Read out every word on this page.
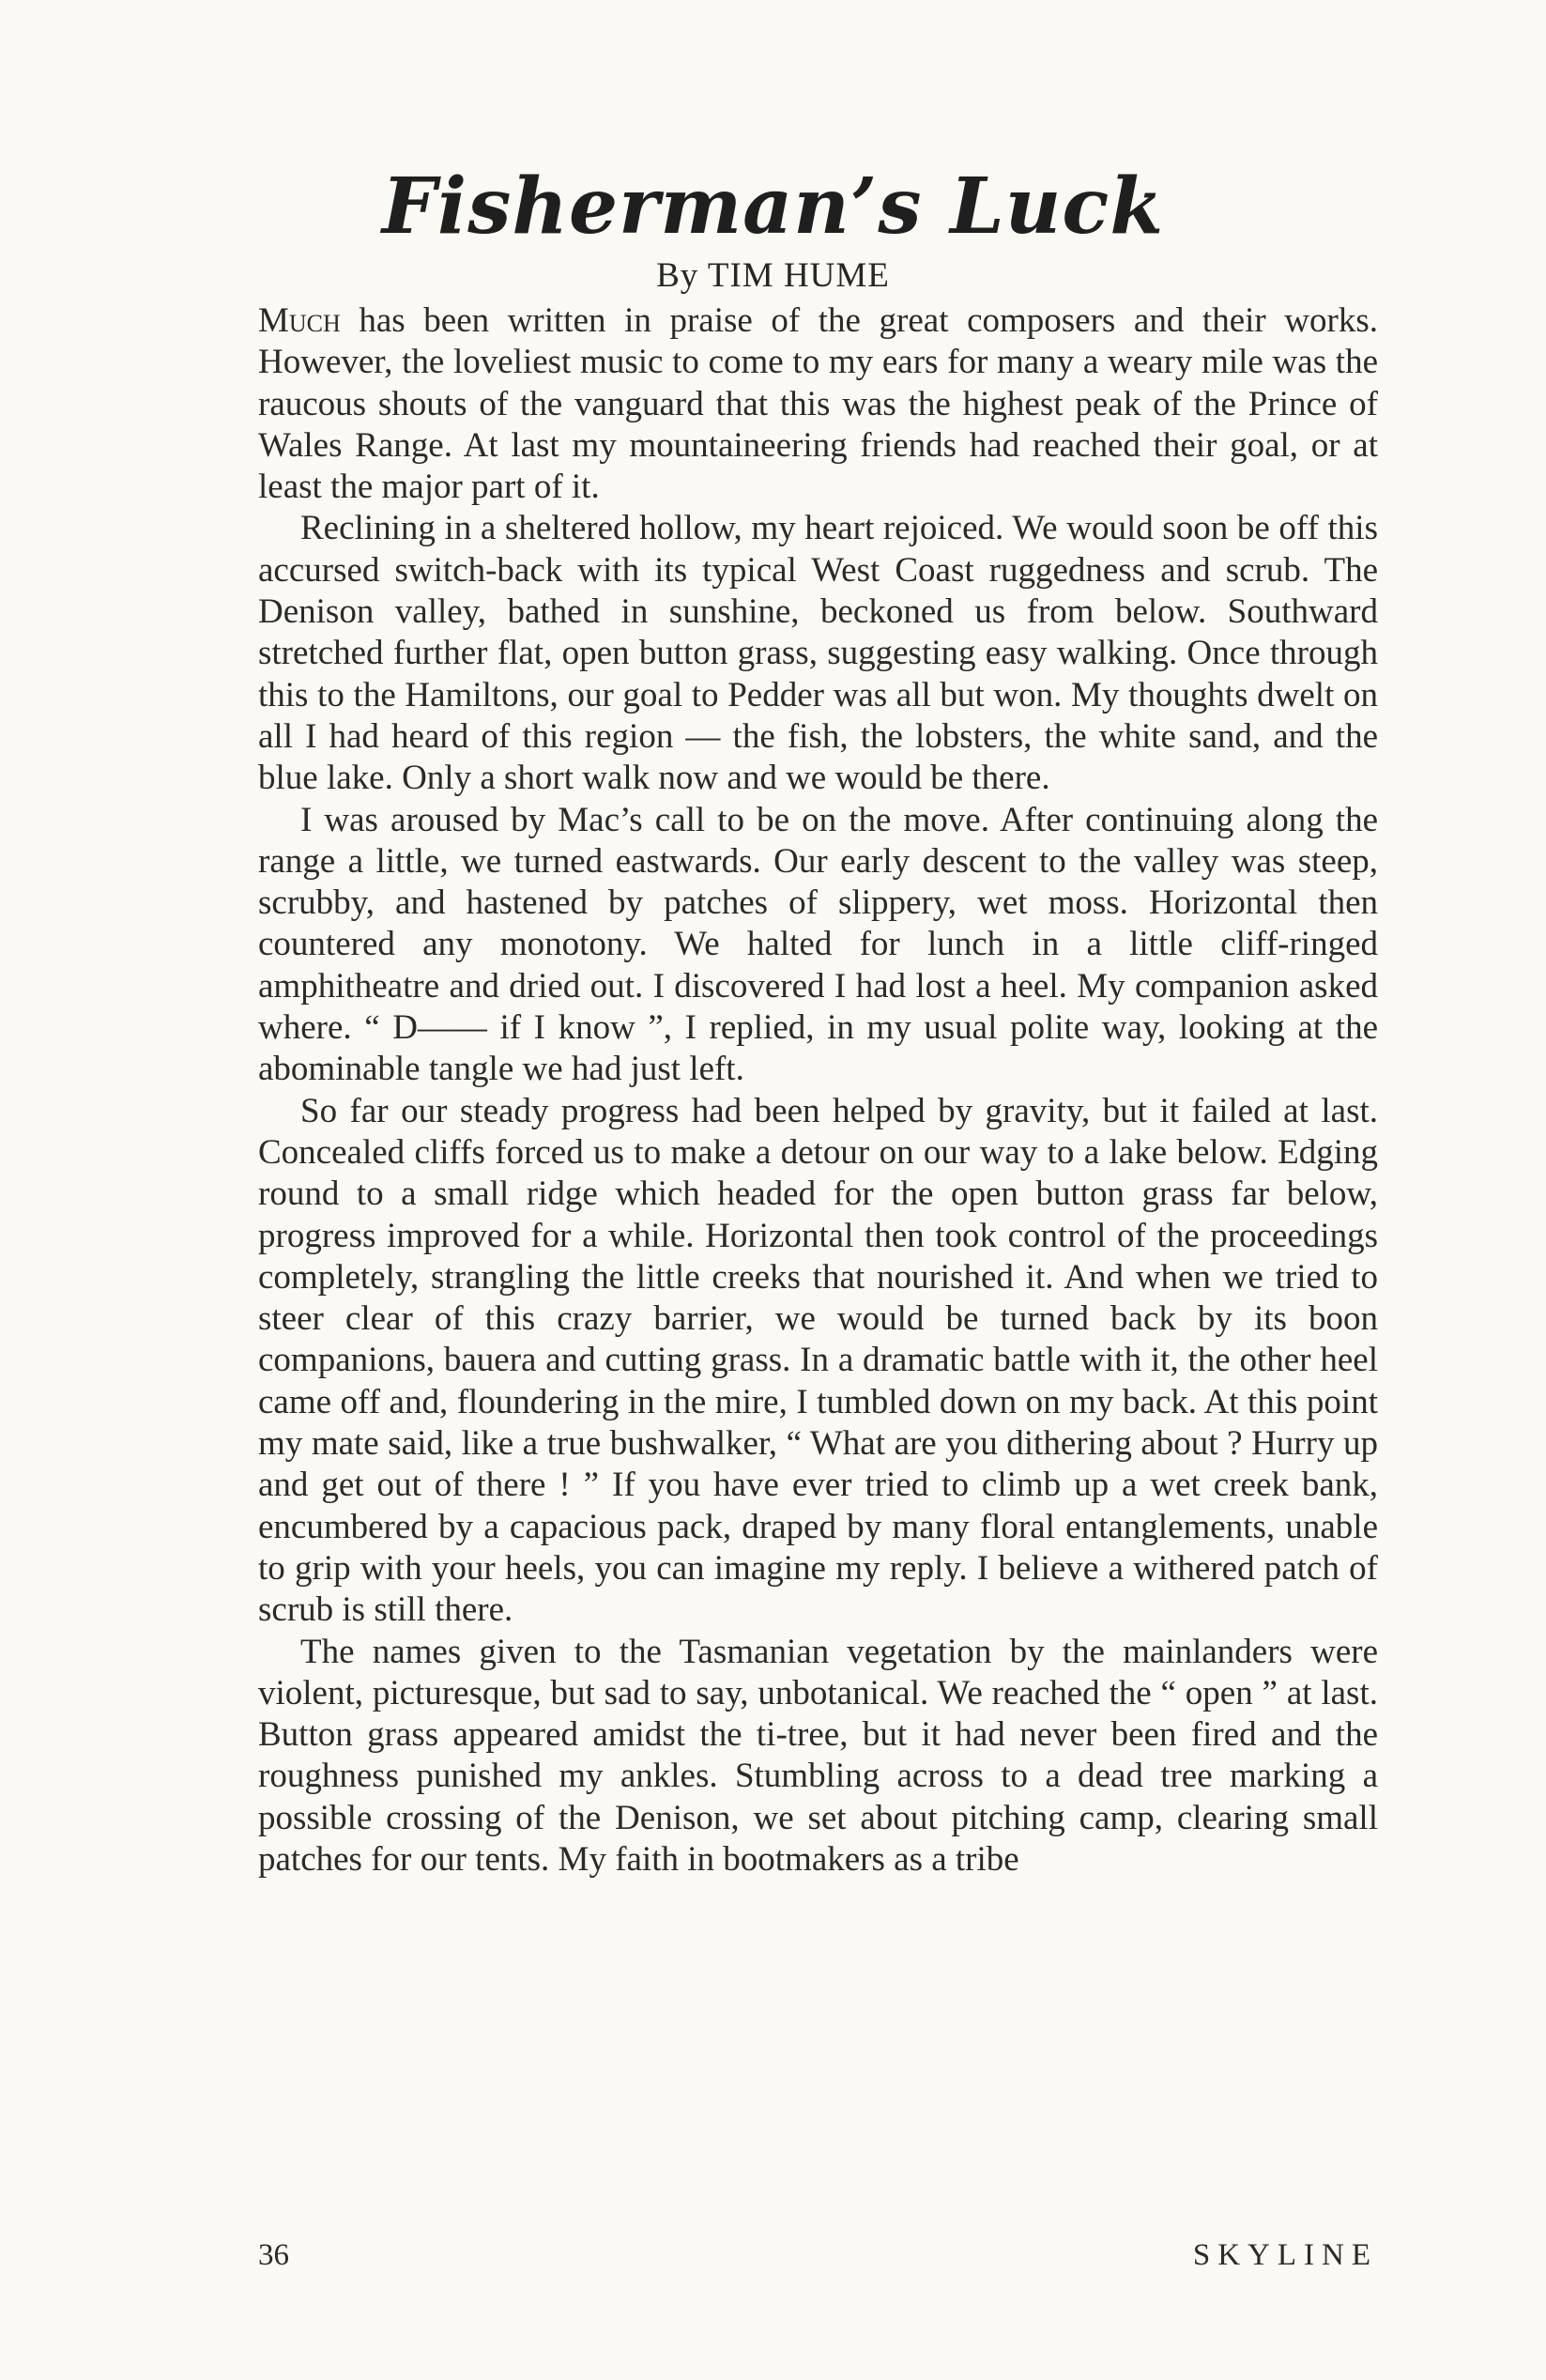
Fisherman’s Luck
By TIM HUME

Much has been written in praise of the great composers and their works. However, the loveliest music to come to my ears for many a weary mile was the raucous shouts of the vanguard that this was the highest peak of the Prince of Wales Range. At last my mountaineering friends had reached their goal, or at least the major part of it.

Reclining in a sheltered hollow, my heart rejoiced. We would soon be off this accursed switch-back with its typical West Coast ruggedness and scrub. The Denison valley, bathed in sunshine, beckoned us from below. Southward stretched further flat, open button grass, suggesting easy walking. Once through this to the Hamiltons, our goal to Pedder was all but won. My thoughts dwelt on all I had heard of this region — the fish, the lobsters, the white sand, and the blue lake. Only a short walk now and we would be there.

I was aroused by Mac’s call to be on the move. After continuing along the range a little, we turned eastwards. Our early descent to the valley was steep, scrubby, and hastened by patches of slippery, wet moss. Horizontal then countered any monotony. We halted for lunch in a little cliff-ringed amphitheatre and dried out. I discovered I had lost a heel. My companion asked where. “ D—— if I know ”, I replied, in my usual polite way, looking at the abominable tangle we had just left.

So far our steady progress had been helped by gravity, but it failed at last. Concealed cliffs forced us to make a detour on our way to a lake below. Edging round to a small ridge which headed for the open button grass far below, progress improved for a while. Horizontal then took control of the proceedings completely, strangling the little creeks that nourished it. And when we tried to steer clear of this crazy barrier, we would be turned back by its boon companions, bauera and cutting grass. In a dramatic battle with it, the other heel came off and, floundering in the mire, I tumbled down on my back. At this point my mate said, like a true bushwalker, “ What are you dithering about ? Hurry up and get out of there ! ” If you have ever tried to climb up a wet creek bank, encumbered by a capacious pack, draped by many floral entanglements, unable to grip with your heels, you can imagine my reply. I believe a withered patch of scrub is still there.

The names given to the Tasmanian vegetation by the mainlanders were violent, picturesque, but sad to say, unbotanical. We reached the “ open ” at last. Button grass appeared amidst the ti-tree, but it had never been fired and the roughness punished my ankles. Stumbling across to a dead tree marking a possible crossing of the Denison, we set about pitching camp, clearing small patches for our tents. My faith in bootmakers as a tribe

36	SKYLINE
